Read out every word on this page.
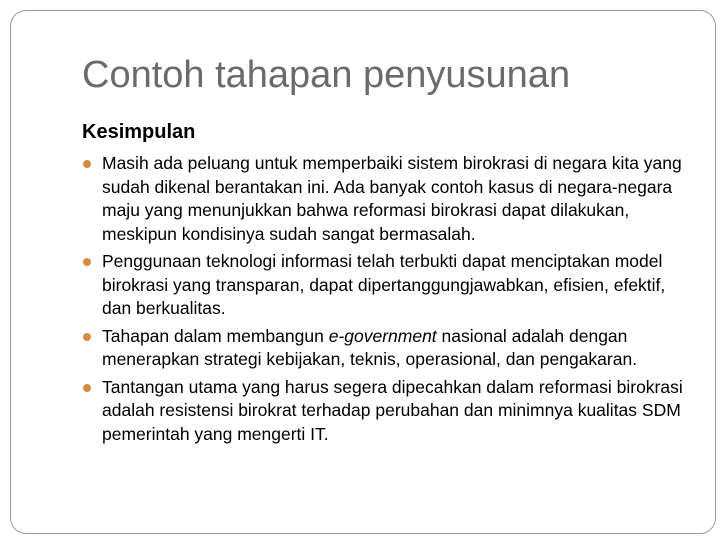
Contoh tahapan penyusunan
Kesimpulan
Masih ada peluang untuk memperbaiki sistem birokrasi di negara kita yang sudah dikenal berantakan ini. Ada banyak contoh kasus di negara-negara maju yang menunjukkan bahwa reformasi birokrasi dapat dilakukan, meskipun kondisinya sudah sangat bermasalah.
Penggunaan teknologi informasi telah terbukti dapat menciptakan model birokrasi yang transparan, dapat dipertanggungjawabkan, efisien, efektif, dan berkualitas.
Tahapan dalam membangun e-government nasional adalah dengan menerapkan strategi kebijakan, teknis, operasional, dan pengakaran.
Tantangan utama yang harus segera dipecahkan dalam reformasi birokrasi adalah resistensi birokrat terhadap perubahan dan minimnya kualitas SDM pemerintah yang mengerti IT.
